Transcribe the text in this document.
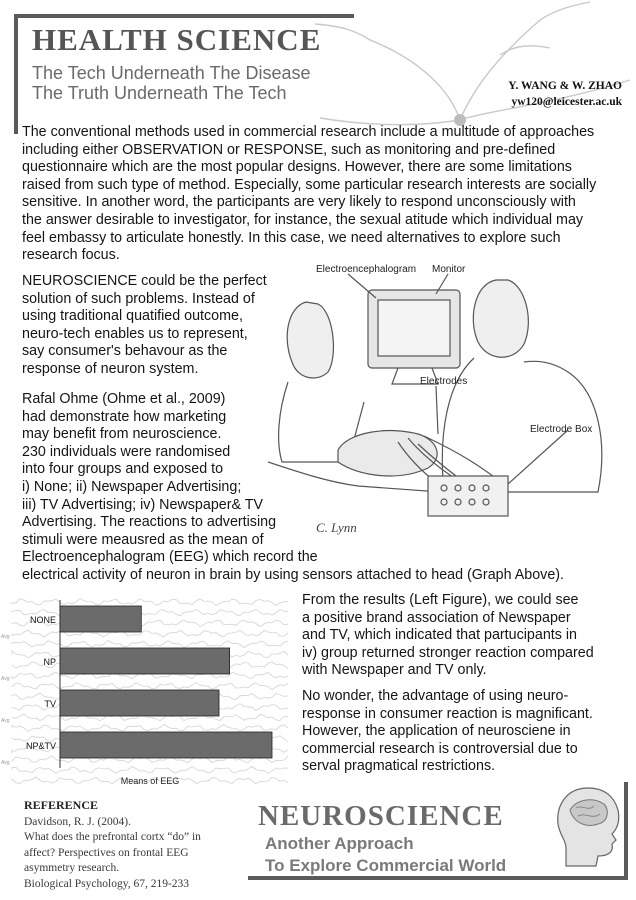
HEALTH SCIENCE
The Tech Underneath The Disease
The Truth Underneath The Tech	Y. WANG & W. ZHAO
yw120@leicester.ac.uk
The conventional methods used in commercial research include a multitude of approaches
including either OBSERVATION or RESPONSE, such as monitoring and pre-defined
questionnaire which are the most popular designs. However, there are some limitations
raised from such type of method. Especially, some particular research interests are socially
sensitive. In another word, the participants are very likely to respond unconsciously with
the answer desirable to investigator, for instance, the sexual atitude which individual may
feel embassy to articulate honestly. In this case, we need alternatives to explore such
research focus.
NEUROSCIENCE could be the perfect
solution of such problems. Instead of
using traditional quatified outcome,
neuro-tech enables us to represent,
say consumer's behavour as the
response of neuron system.
Rafal Ohme (Ohme et al., 2009)
had demonstrate how marketing
may benefit from neuroscience.
230 individuals were randomised
into four groups and exposed to
i) None; ii) Newspaper Advertising;
iii) TV Advertising; iv) Newspaper& TV
Advertising. The reactions to advertising
stimuli were meausred as the mean of
Electroencephalogram (EEG) which record the
electrical activity of neuron in brain by using sensors attached to head (Graph Above).
Electroencephalogram Monitor
Electrodes
Electrode Box
C. Lynn
From the results (Left Figure), we could see
a positive brand association of Newspaper
and TV, which indicated that partucipants in
iv) group returned stronger reaction compared
with Newspaper and TV only.
No wonder, the advantage of using neuro-
response in consumer reaction is magnificant.
However, the application of neurosciene in
commercial research is controversial due to
serval pragmatical restrictions.
Avg
Avg
Avg
Avg
NONE
NP
TV
NP&TV
Means of EEG
REFERENCE
Davidson, R. J. (2004).
What does the prefrontal cortx “do” in
affect? Perspectives on frontal EEG
asymmetry research.
Biological Psychology, 67, 219-233
NEUROSCIENCE
Another Approach
To Explore Commercial World
